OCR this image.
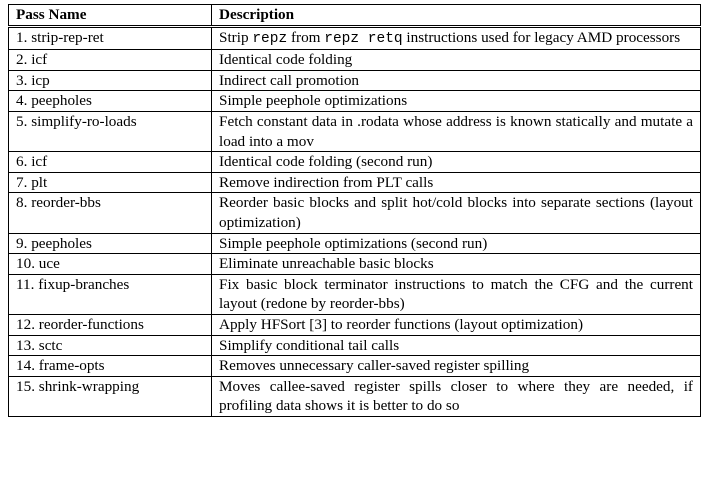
Pass Name	Description
1. strip-rep-ret	Strip repz from repz retq instructions used for legacy AMD processors
2. icf	Identical code folding
3. icp	Indirect call promotion
4. peepholes	Simple peephole optimizations
5. simplify-ro-loads	Fetch constant data in .rodata whose address is known statically and mutate a load into a mov
6. icf	Identical code folding (second run)
7. plt	Remove indirection from PLT calls
8. reorder-bbs	Reorder basic blocks and split hot/cold blocks into separate sections (layout optimization)
9. peepholes	Simple peephole optimizations (second run)
10. uce	Eliminate unreachable basic blocks
11. fixup-branches	Fix basic block terminator instructions to match the CFG and the current layout (redone by reorder-bbs)
12. reorder-functions	Apply HFSort [3] to reorder functions (layout optimization)
13. sctc	Simplify conditional tail calls
14. frame-opts	Removes unnecessary caller-saved register spilling
15. shrink-wrapping	Moves callee-saved register spills closer to where they are needed, if profiling data shows it is better to do so
